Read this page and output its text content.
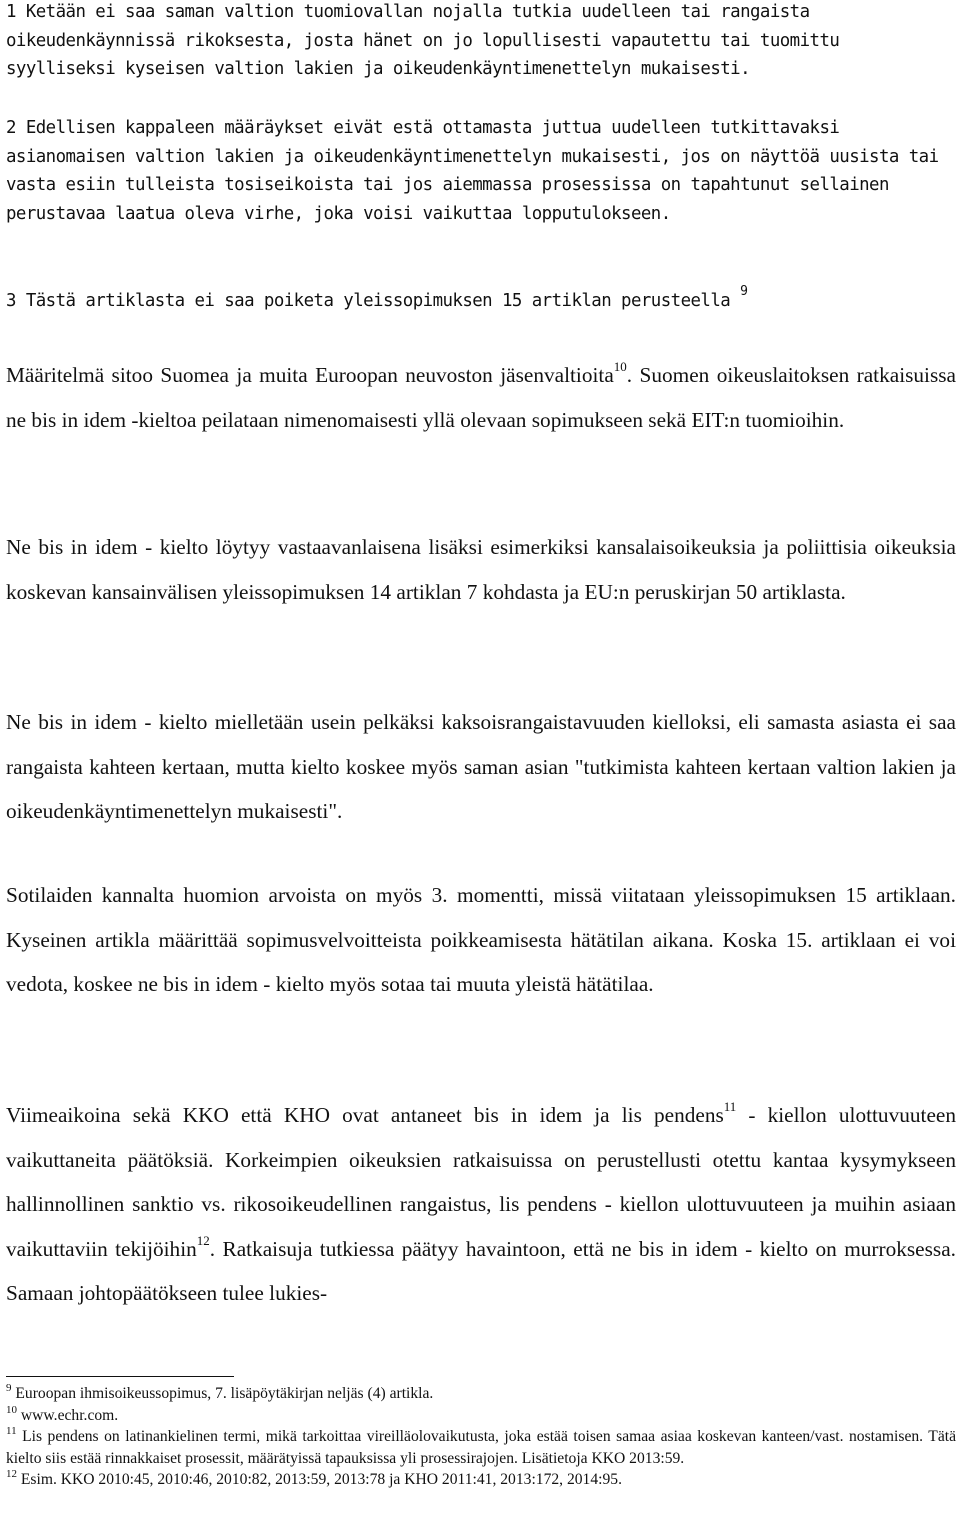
1 Ketään ei saa saman valtion tuomiovallan nojalla tutkia uudelleen tai rangaista oikeudenkäynnissä rikoksesta, josta hänet on jo lopullisesti vapautettu tai tuomittu syylliseksi kyseisen valtion lakien ja oikeudenkäyntimenettelyn mukaisesti.

2 Edellisen kappaleen määräykset eivät estä ottamasta juttua uudelleen tutkittavaksi asianomaisen valtion lakien ja oikeudenkäyntimenettelyn mukaisesti, jos on näyttöä uusista tai vasta esiin tulleista tosiseikoista tai jos aiemmassa prosessissa on tapahtunut sellainen perustavaa laatua oleva virhe, joka voisi vaikuttaa lopputulokseen.

3 Tästä artiklasta ei saa poiketa yleissopimuksen 15 artiklan perusteella $^9$

Määritelmä sitoo Suomea ja muita Euroopan neuvoston jäsenvaltioita$^{10}$. Suomen oikeuslaitoksen ratkaisuissa ne bis in idem -kieltoa peilataan nimenomaisesti yllä olevaan sopimukseen sekä EIT:n tuomioihin.

Ne bis in idem - kielto löytyy vastaavanlaisena lisäksi esimerkiksi kansalaisoikeuksia ja poliittisia oikeuksia koskevan kansainvälisen yleissopimuksen 14 artiklan 7 kohdasta ja EU:n peruskirjan 50 artiklasta.

Ne bis in idem - kielto mielletään usein pelkäksi kaksoisrangaistavuuden kielloksi, eli samasta asiasta ei saa rangaista kahteen kertaan, mutta kielto koskee myös saman asian "tutkimista kahteen kertaan valtion lakien ja oikeudenkäyntimenettelyn mukaisesti".

Sotilaiden kannalta huomion arvoista on myös 3. momentti, missä viitataan yleissopimuksen 15 artiklaan. Kyseinen artikla määrittää sopimusvelvoitteista poikkeamisesta hätätilan aikana. Koska 15. artiklaan ei voi vedota, koskee ne bis in idem - kielto myös sotaa tai muuta yleistä hätätilaa.

Viimeaikoina sekä KKO että KHO ovat antaneet bis in idem ja lis pendens$^{11}$ - kiellon ulottuvuuteen vaikuttaneita päätöksiä. Korkeimpien oikeuksien ratkaisuissa on perustellusti otettu kantaa kysymykseen hallinnollinen sanktio vs. rikosoikeudellinen rangaistus, lis pendens - kiellon ulottuvuuteen ja muihin asiaan vaikuttaviin tekijöihin$^{12}$. Ratkaisuja tutkiessa päätyy havaintoon, että ne bis in idem - kielto on murroksessa. Samaan johtopäätökseen tulee lukies-

$^9$ Euroopan ihmisoikeussopimus, 7. lisäpöytäkirjan neljäs (4) artikla.

$^{10}$ www.echr.com.

$^{11}$ Lis pendens on latinankielinen termi, mikä tarkoittaa vireilläolovaikutusta, joka estää toisen samaa asiaa koskevan kanteen/vast. nostamisen. Tätä kielto siis estää rinnakkaiset prosessit, määrätyissä tapauksissa yli prosessirajojen. Lisätietoja KKO 2013:59.

$^{12}$ Esim. KKO 2010:45, 2010:46, 2010:82, 2013:59, 2013:78 ja KHO 2011:41, 2013:172, 2014:95.
